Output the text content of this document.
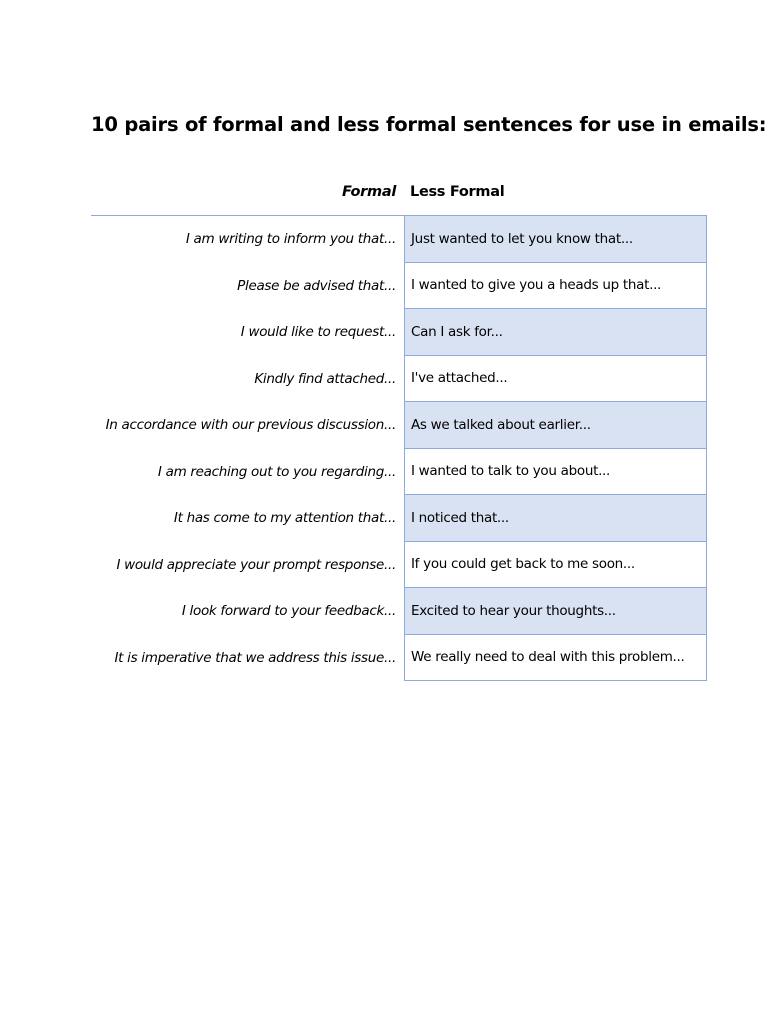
10 pairs of formal and less formal sentences for use in emails:
Formal Less Formal
I am writing to inform you that...	Just wanted to let you know that...
Please be advised that...	I wanted to give you a heads up that...
I would like to request...	Can I ask for...
Kindly find attached...	I've attached...
In accordance with our previous discussion...	As we talked about earlier...
I am reaching out to you regarding...	I wanted to talk to you about...
It has come to my attention that...	I noticed that...
I would appreciate your prompt response...	If you could get back to me soon...
I look forward to your feedback...	Excited to hear your thoughts...
It is imperative that we address this issue...	We really need to deal with this problem...
